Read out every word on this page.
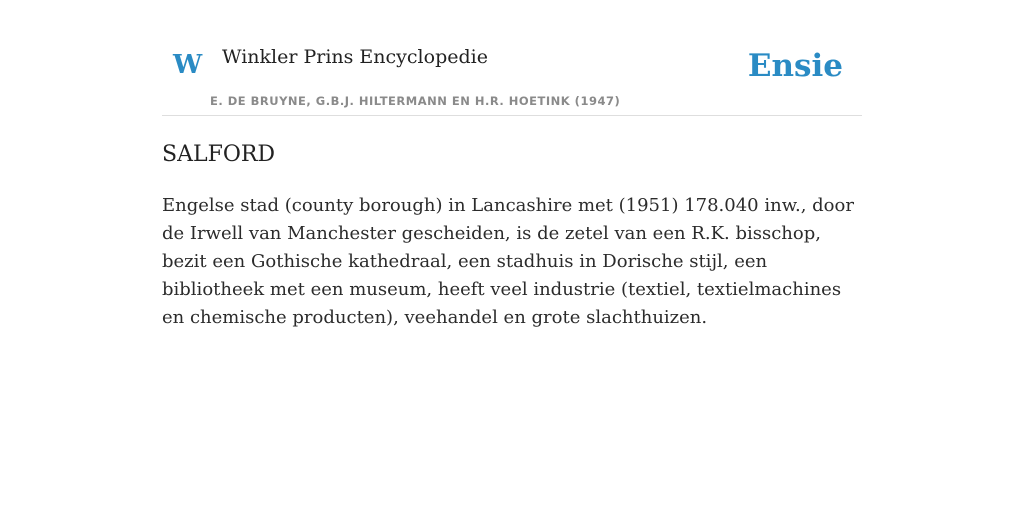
W Winkler Prins Encyclopedie
E. DE BRUYNE, G.B.J. HILTERMANN EN H.R. HOETINK (1947)
Ensie
SALFORD

Engelse stad (county borough) in Lancashire met (1951) 178.040 inw., door de Irwell van Manchester gescheiden, is de zetel van een R.K. bisschop, bezit een Gothische kathedraal, een stadhuis in Dorische stijl, een bibliotheek met een museum, heeft veel industrie (textiel, textielmachines en chemische producten), veehandel en grote slachthuizen.
